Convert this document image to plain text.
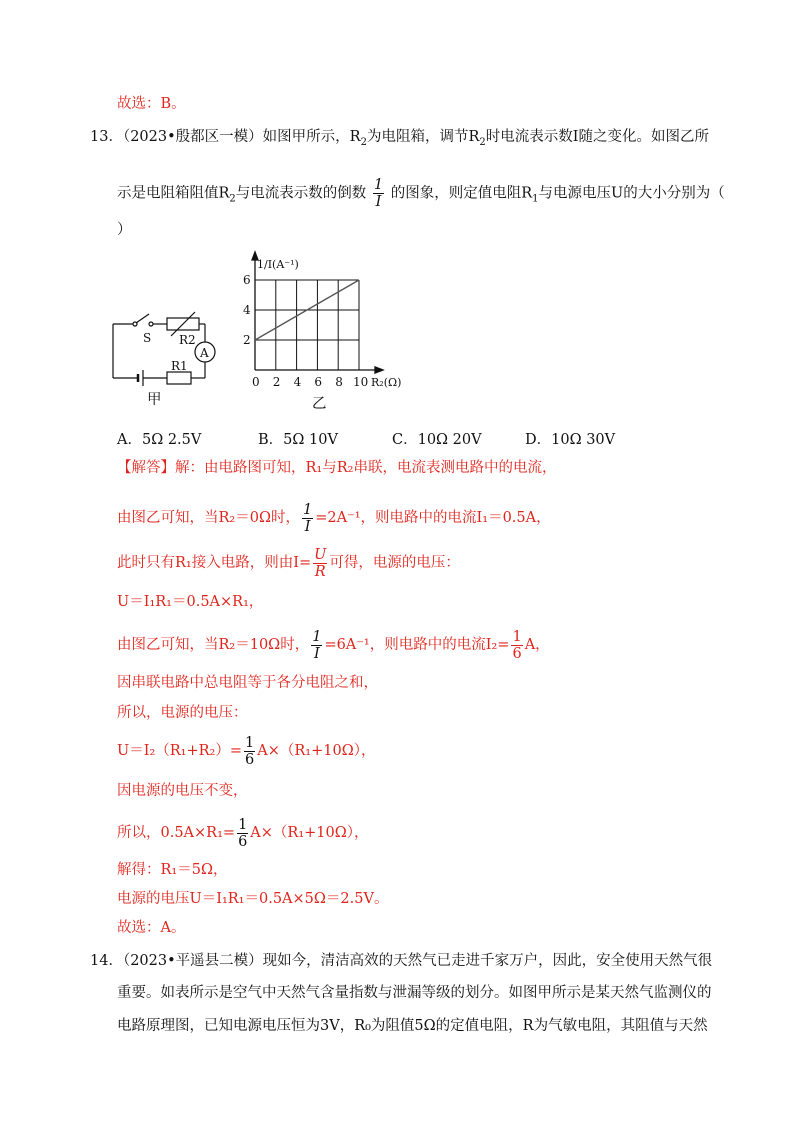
故选：B。
13．（2023•殷都区一模）如图甲所示，$R_2$为电阻箱，调节$R_2$时电流表示数I随之变化。如图乙所
示是电阻箱阻值$R_2$与电流表示数的倒数 $\frac{1}{I}$ 的图象，则定值电阻$R_1$与电源电压U的大小分别为（
）
S R2
A
R1
甲
0 2 4 6 8 10
2
4
6
1/I(A⁻¹)
R₂(Ω)
乙
A．5Ω 2.5V	B．5Ω 10V	C．10Ω 20V	D．10Ω 30V
【解答】解：由电路图可知，R₁与R₂串联，电流表测电路中的电流，
由图乙可知，当R₂＝0Ω时， $\frac{1}{I} =2A^{-1}$，则电路中的电流I₁＝0.5A，
此时只有R₁接入电路，则由$I= \frac{U}{R}$ 可得，电源的电压：
U＝I₁R₁＝0.5A×R₁，
由图乙可知，当R₂＝10Ω时， $\frac{1}{I} =6A^{-1}$，则电路中的电流$I_2= \frac{1}{6}$ A，
因串联电路中总电阻等于各分电阻之和，
所以，电源的电压：
$U=I_2(R_1+R_2)= \frac{1}{6} A\times(R_1+10\Omega)$，
因电源的电压不变，
所以，$0.5A\times R_1= \frac{1}{6} A\times(R_1+10\Omega)$，
解得：R₁＝5Ω，
电源的电压U＝I₁R₁＝0.5A×5Ω＝2.5V。
故选：A。
14．（2023•平遥县二模）现如今，清洁高效的天然气已走进千家万户，因此，安全使用天然气很
重要。如表所示是空气中天然气含量指数与泄漏等级的划分。如图甲所示是某天然气监测仪的
电路原理图，已知电源电压恒为3V，R₀为阻值5Ω的定值电阻，R为气敏电阻，其阻值与天然
